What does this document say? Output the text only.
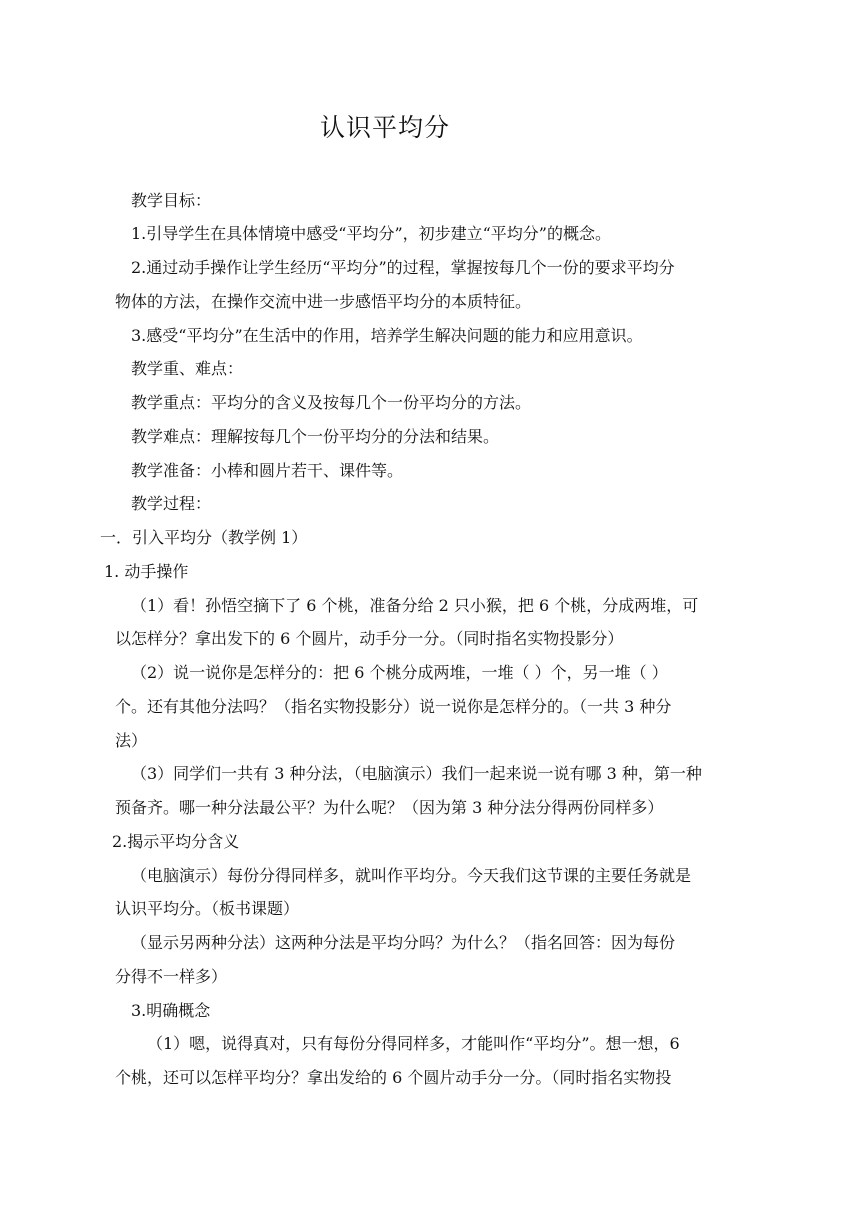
认识平均分
教学目标：
1.引导学生在具体情境中感受“平均分”，初步建立“平均分”的概念。
2.通过动手操作让学生经历“平均分”的过程，掌握按每几个一份的要求平均分
物体的方法，在操作交流中进一步感悟平均分的本质特征。
3.感受“平均分”在生活中的作用，培养学生解决问题的能力和应用意识。
教学重、难点：
教学重点：平均分的含义及按每几个一份平均分的方法。
教学难点：理解按每几个一份平均分的分法和结果。
教学准备：小棒和圆片若干、课件等。
教学过程：
一．引入平均分（教学例 1）
1. 动手操作
（1）看！孙悟空摘下了 6 个桃，准备分给 2 只小猴，把 6 个桃，分成两堆，可
以怎样分？拿出发下的 6 个圆片，动手分一分。（同时指名实物投影分）
（2）说一说你是怎样分的：把 6 个桃分成两堆，一堆（ ）个，另一堆（ ）
个。还有其他分法吗？（指名实物投影分）说一说你是怎样分的。（一共 3 种分
法）
（3）同学们一共有 3 种分法，（电脑演示）我们一起来说一说有哪 3 种，第一种
预备齐。哪一种分法最公平？为什么呢？（因为第 3 种分法分得两份同样多）
2.揭示平均分含义
（电脑演示）每份分得同样多，就叫作平均分。今天我们这节课的主要任务就是
认识平均分。（板书课题）
（显示另两种分法）这两种分法是平均分吗？为什么？（指名回答：因为每份
分得不一样多）
3.明确概念
（1）嗯，说得真对，只有每份分得同样多，才能叫作“平均分”。想一想，6
个桃，还可以怎样平均分？拿出发给的 6 个圆片动手分一分。（同时指名实物投
